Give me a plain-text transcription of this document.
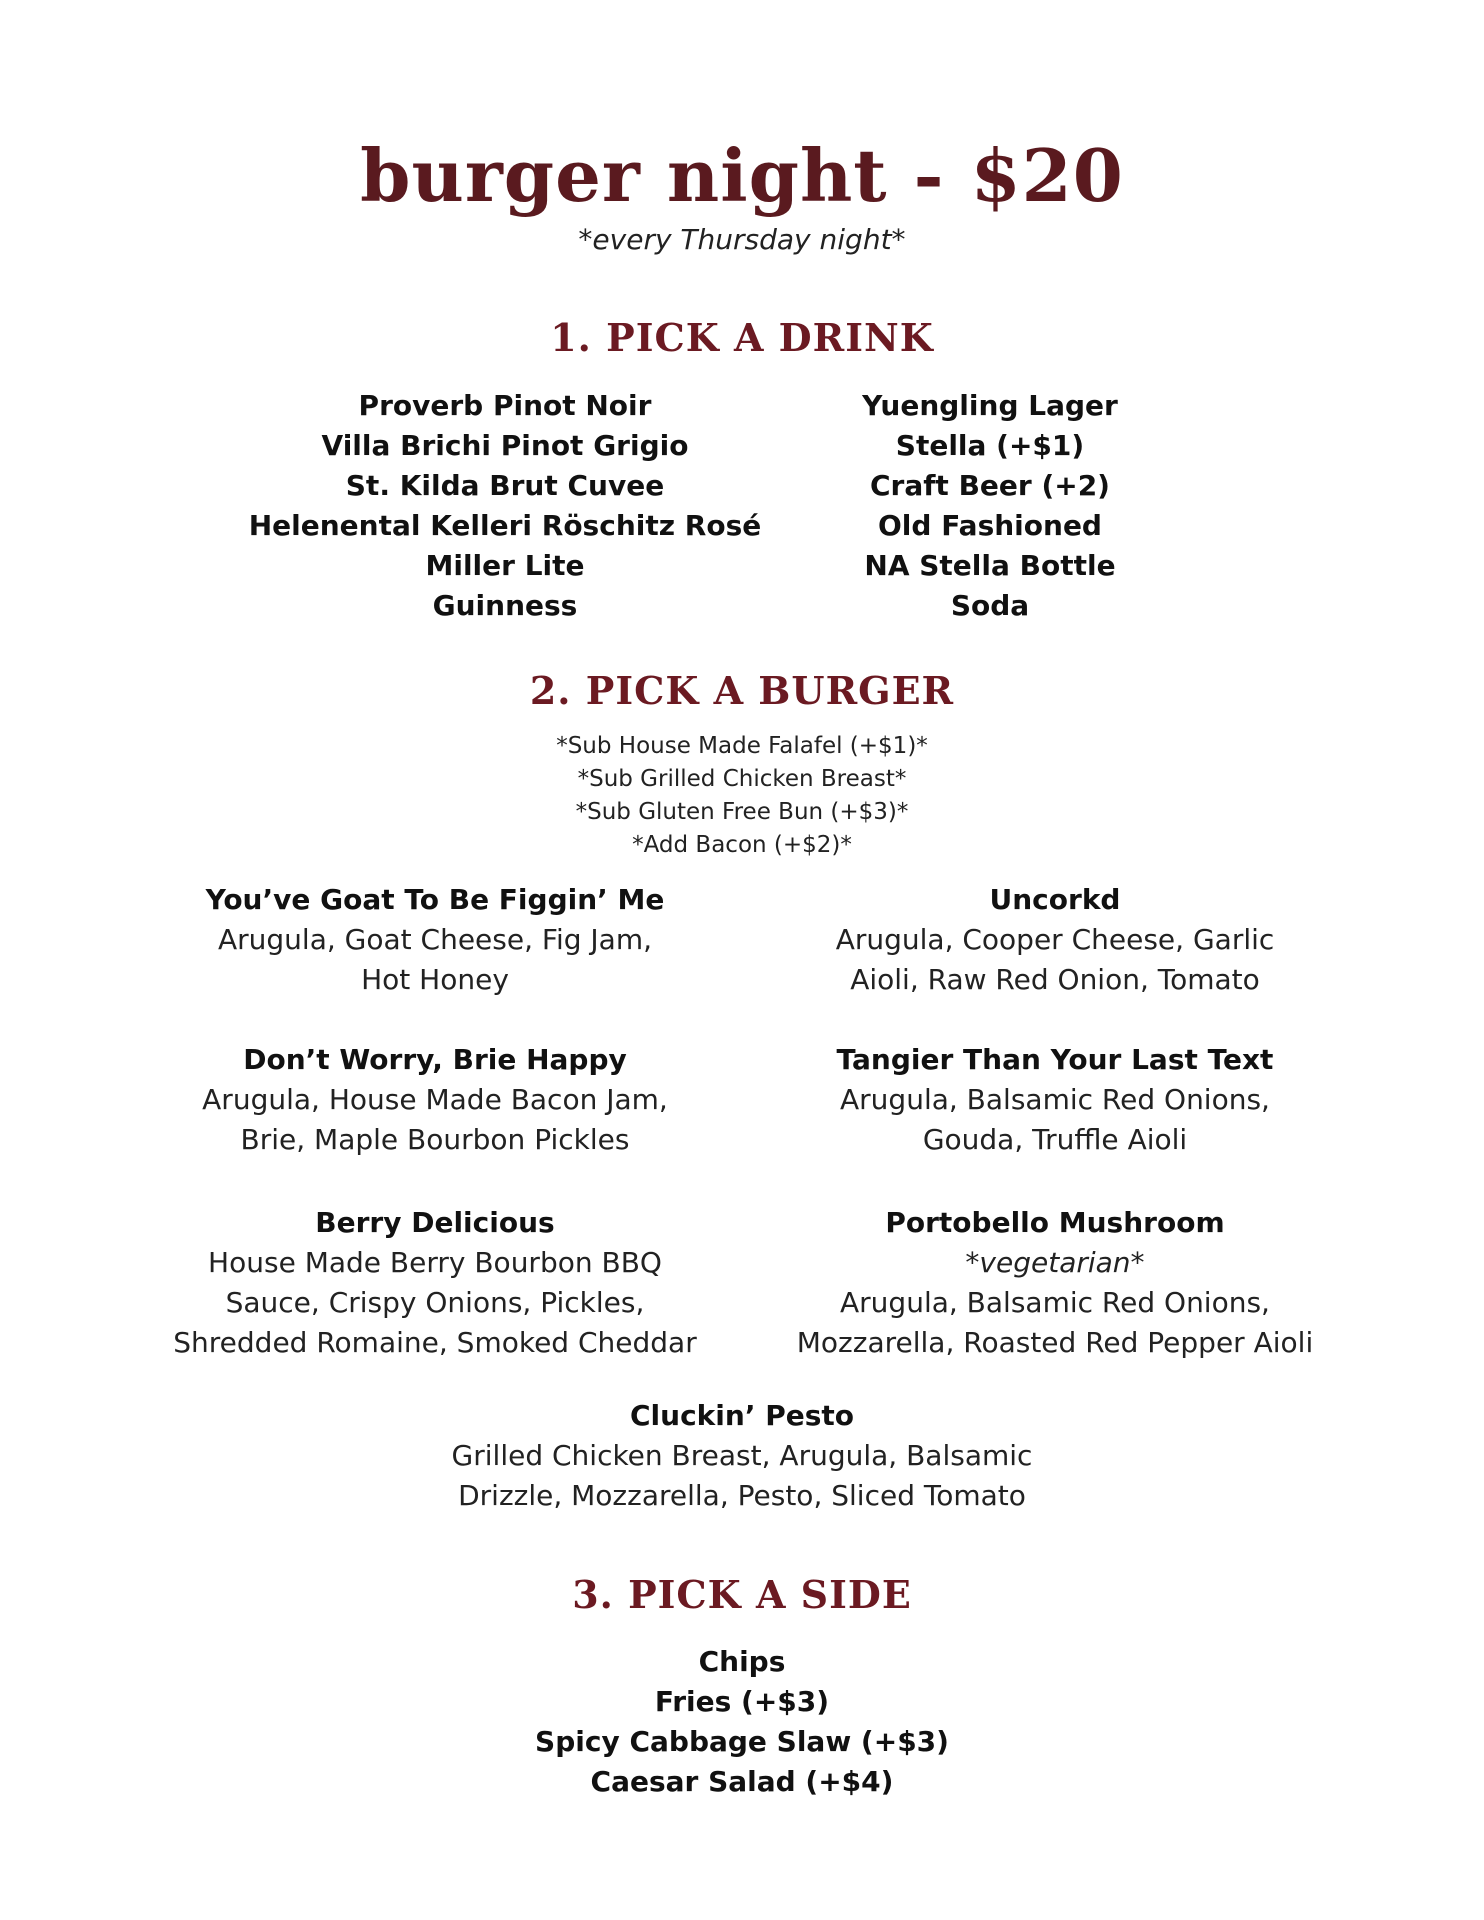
burger night - $20
*every Thursday night*
1. PICK A DRINK
Proverb Pinot Noir
Villa Brichi Pinot Grigio
St. Kilda Brut Cuvee
Helenental Kelleri Röschitz Rosé
Miller Lite
Guinness
Yuengling Lager
Stella (+$1)
Craft Beer (+2)
Old Fashioned
NA Stella Bottle
Soda
2. PICK A BURGER
*Sub House Made Falafel (+$1)*
*Sub Grilled Chicken Breast*
*Sub Gluten Free Bun (+$3)*
*Add Bacon (+$2)*
You’ve Goat To Be Figgin’ Me
Arugula, Goat Cheese, Fig Jam,
Hot Honey
Uncorkd
Arugula, Cooper Cheese, Garlic
Aioli, Raw Red Onion, Tomato
Don’t Worry, Brie Happy
Arugula, House Made Bacon Jam,
Brie, Maple Bourbon Pickles
Tangier Than Your Last Text
Arugula, Balsamic Red Onions,
Gouda, Truffle Aioli
Berry Delicious
House Made Berry Bourbon BBQ
Sauce, Crispy Onions, Pickles,
Shredded Romaine, Smoked Cheddar
Portobello Mushroom
*vegetarian*
Arugula, Balsamic Red Onions,
Mozzarella, Roasted Red Pepper Aioli
Cluckin’ Pesto
Grilled Chicken Breast, Arugula, Balsamic
Drizzle, Mozzarella, Pesto, Sliced Tomato
3. PICK A SIDE
Chips
Fries (+$3)
Spicy Cabbage Slaw (+$3)
Caesar Salad (+$4)
